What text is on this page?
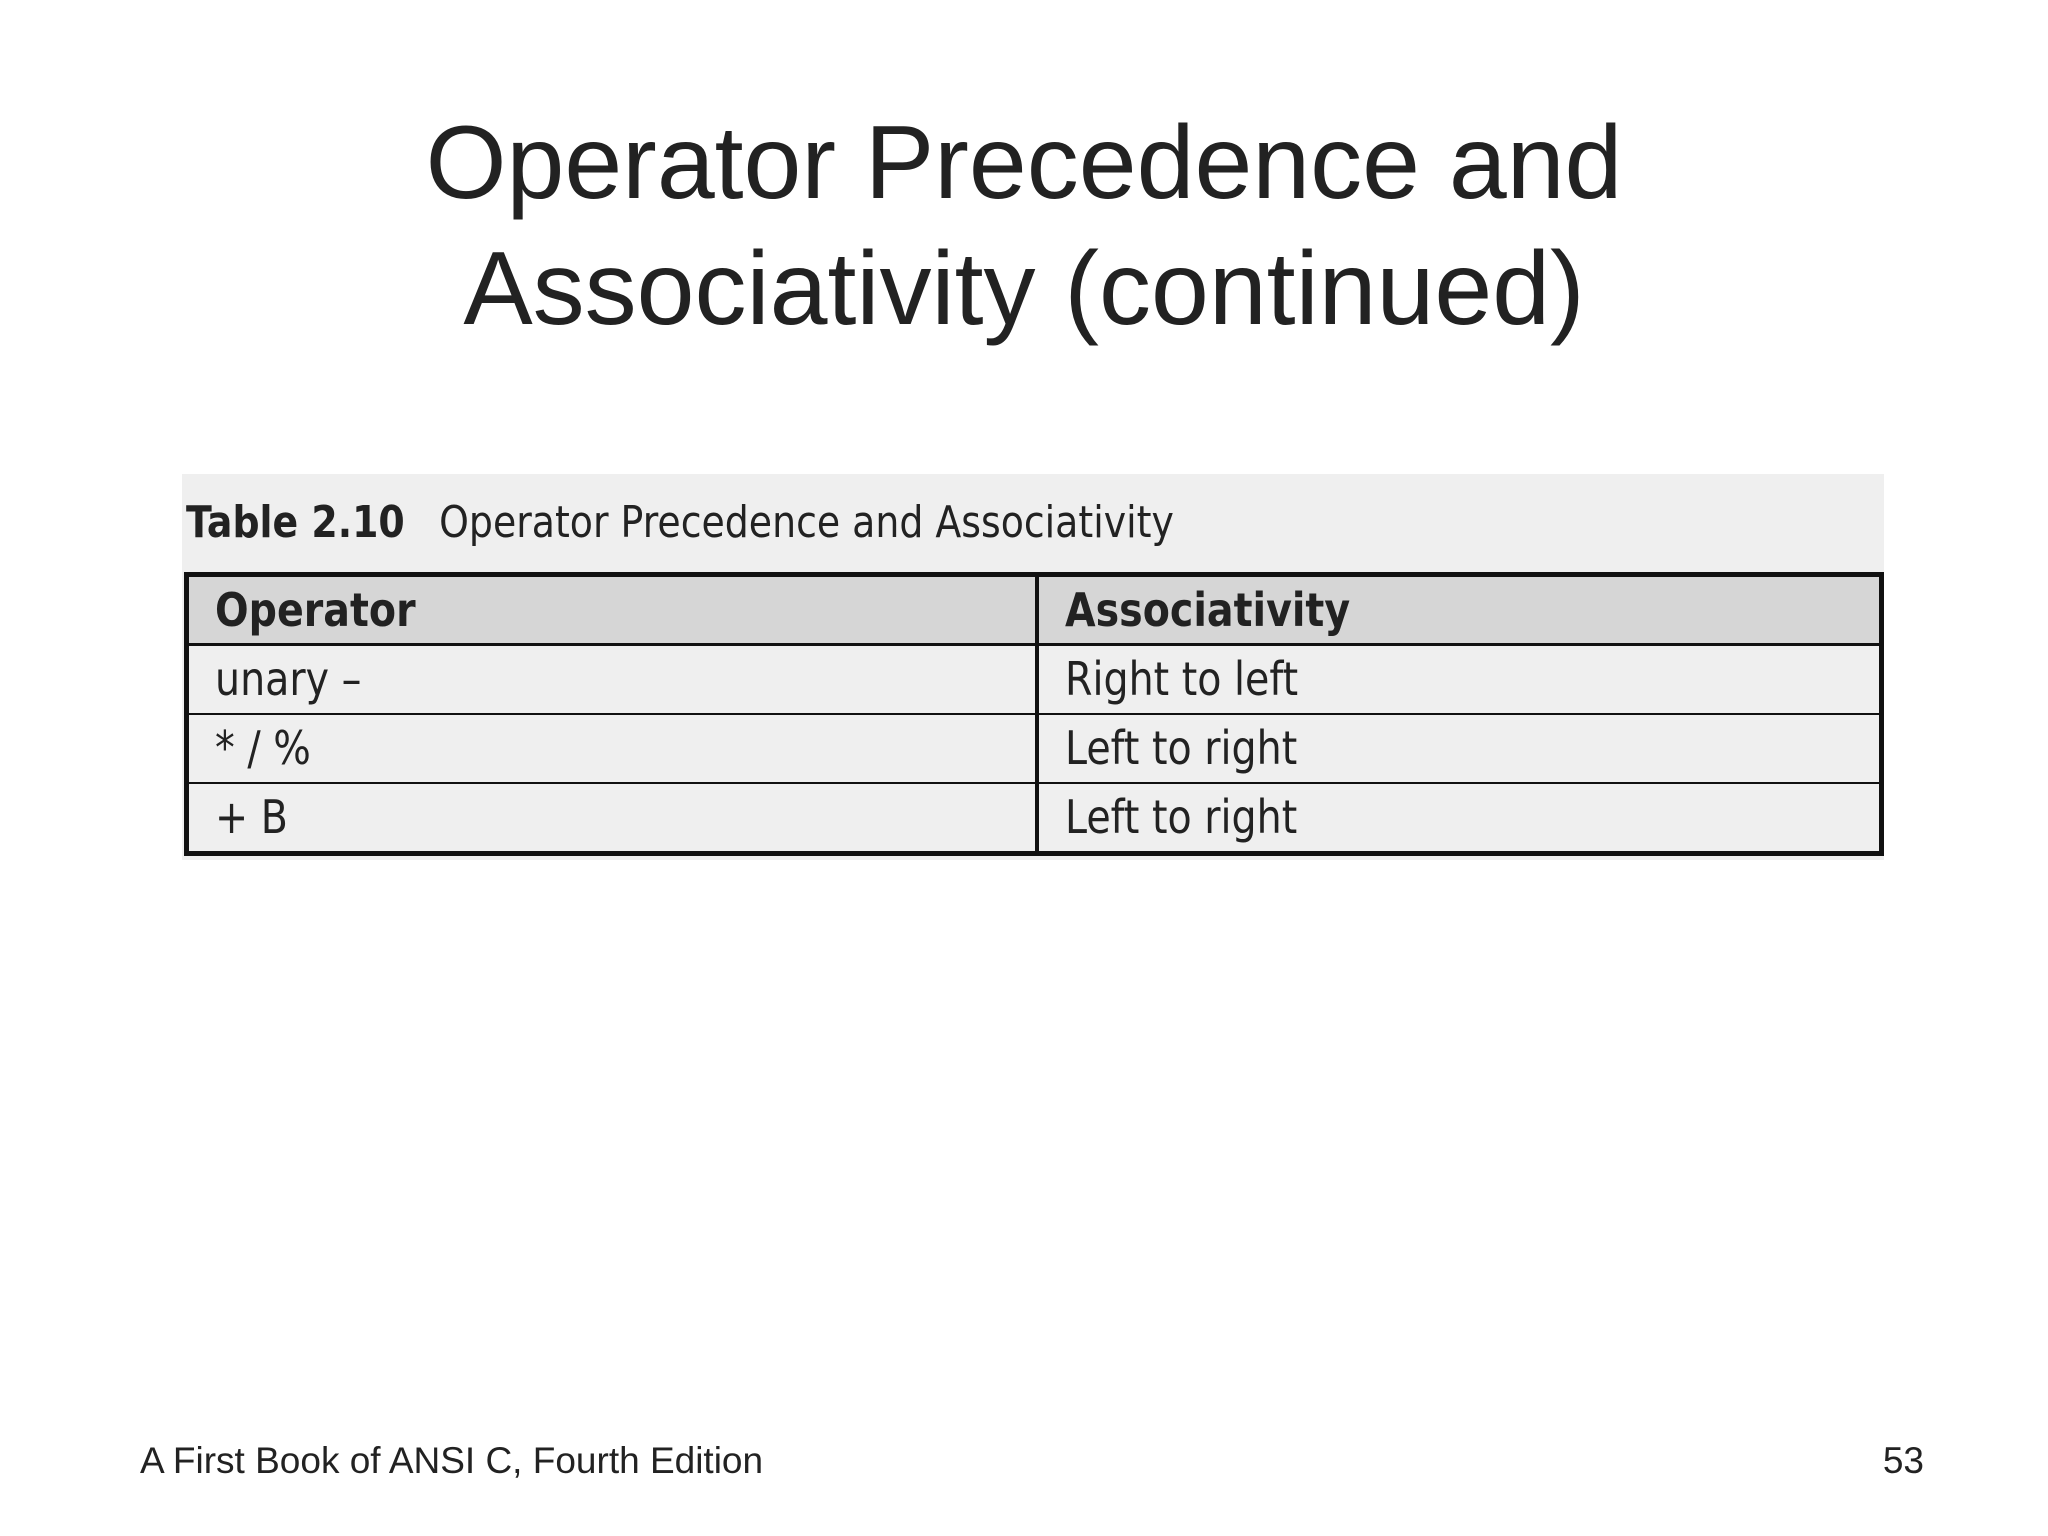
Operator Precedence and
Associativity (continued)
Table 2.10 Operator Precedence and Associativity
Operator	Associativity
unary –	Right to left
* / %	Left to right
+ B	Left to right
A First Book of ANSI C, Fourth Edition	53
